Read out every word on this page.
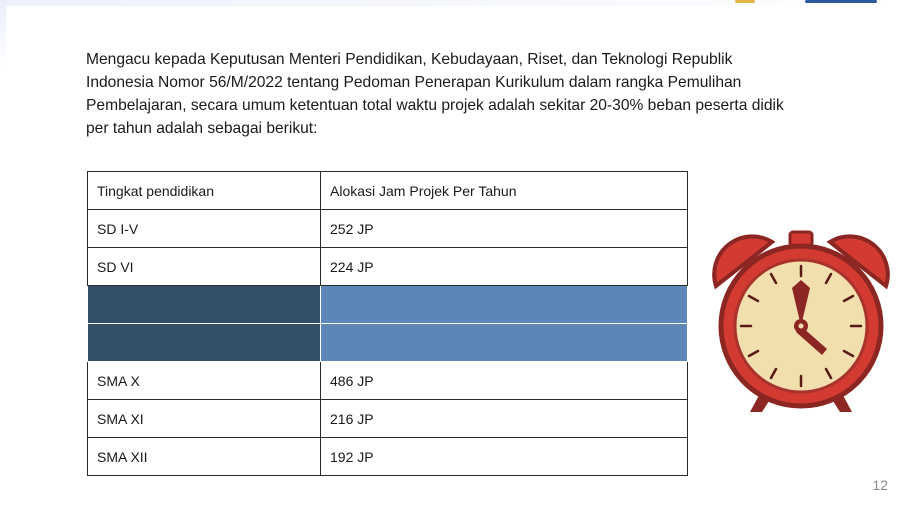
Mengacu kepada Keputusan Menteri Pendidikan, Kebudayaan, Riset, dan Teknologi Republik Indonesia Nomor 56/M/2022 tentang Pedoman Penerapan Kurikulum dalam rangka Pemulihan Pembelajaran, secara umum ketentuan total waktu projek adalah sekitar 20-30% beban peserta didik per tahun adalah sebagai berikut:

Tingkat pendidikan	Alokasi Jam Projek Per Tahun
SD I-V	252 JP
SD VI	224 JP

SMA X	486 JP
SMA XI	216 JP
SMA XII	192 JP
12
